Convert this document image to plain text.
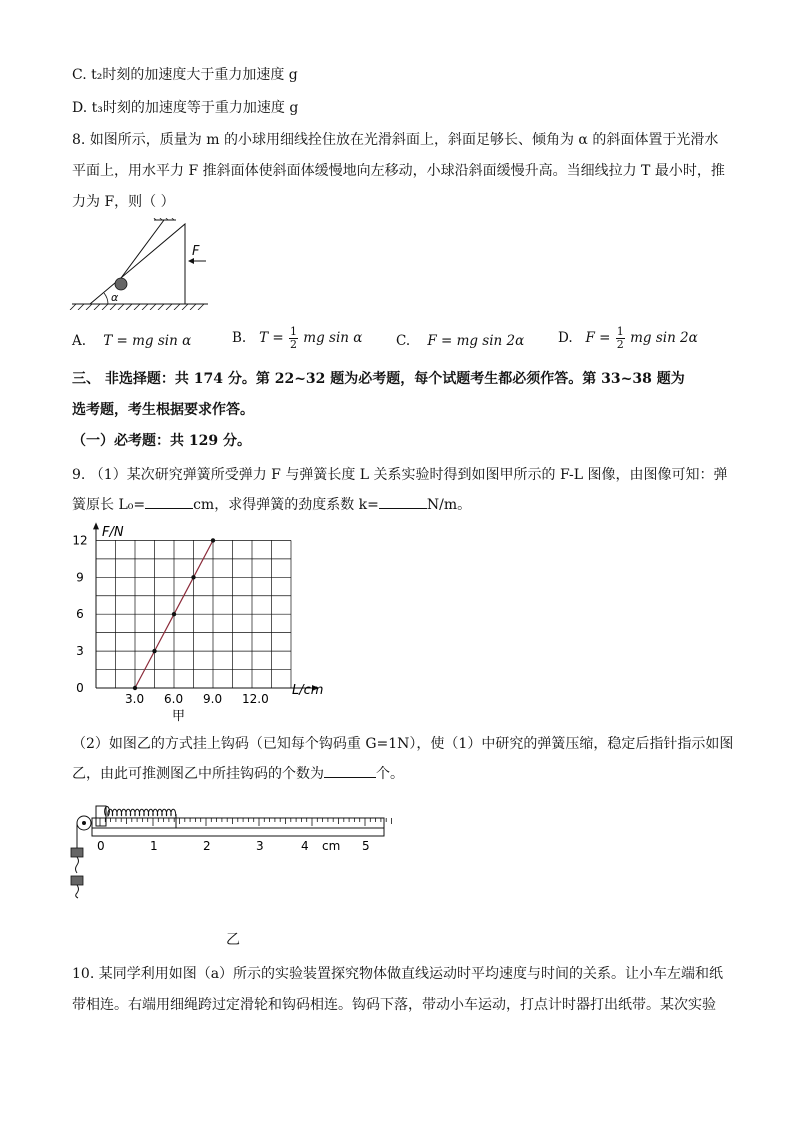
C. t₂时刻的加速度大于重力加速度 g
D. t₃时刻的加速度等于重力加速度 g
8. 如图所示，质量为 m 的小球用细线拴住放在光滑斜面上，斜面足够长、倾角为 α 的斜面体置于光滑水
平面上，用水平力 F 推斜面体使斜面体缓慢地向左移动，小球沿斜面缓慢升高。当细线拉力 T 最小时，推
力为 F，则（ ）
α
F
A. T = mg sin α	B. $T = \frac{1}{2}$ mg sin α C. F = mg sin 2α	D. $F = \frac{1}{2}$ mg sin 2α
三、 非选择题：共 174 分。第 22~32 题为必考题，每个试题考生都必须作答。第 33~38 题为
选考题，考生根据要求作答。
（一）必考题：共 129 分。
9. （1）某次研究弹簧所受弹力 F 与弹簧长度 L 关系实验时得到如图甲所示的 F-L 图像，由图像可知：弹
簧原长 L₀=	cm，求得弹簧的劲度系数 k=	N/m。
3.0 6.0 9.0 12.0
0
3
6
9
12
F/N
L/cm
甲
（2）如图乙的方式挂上钩码（已知每个钩码重 G=1N），使（1）中研究的弹簧压缩，稳定后指针指示如图
乙，由此可推测图乙中所挂钩码的个数为	个。
0	1	2	3	4	5
cm
乙
10. 某同学利用如图（a）所示的实验装置探究物体做直线运动时平均速度与时间的关系。让小车左端和纸
带相连。右端用细绳跨过定滑轮和钩码相连。钩码下落，带动小车运动，打点计时器打出纸带。某次实验
